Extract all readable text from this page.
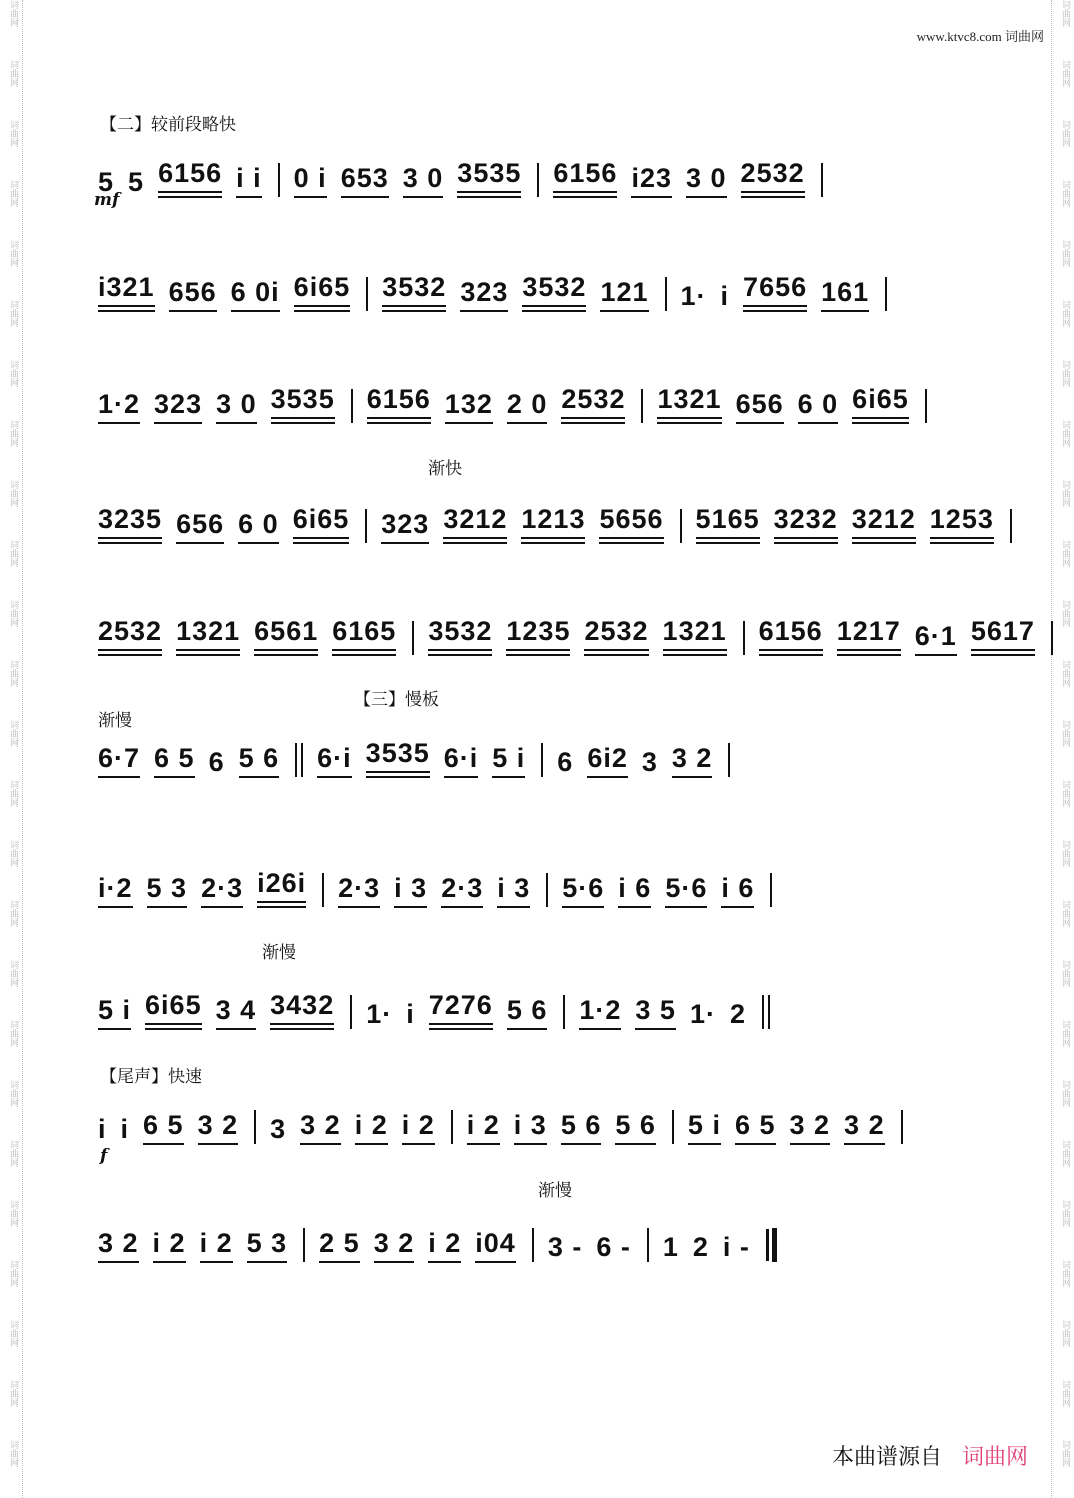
词曲网
词曲网
词曲网
词曲网
词曲网
词曲网
词曲网
词曲网
词曲网
词曲网
词曲网
词曲网
词曲网
词曲网
词曲网
词曲网
词曲网
词曲网
词曲网
词曲网
词曲网
词曲网
词曲网
词曲网
词曲网
词曲网
词曲网
词曲网
词曲网
词曲网
词曲网
词曲网
词曲网
词曲网
词曲网
词曲网
词曲网
词曲网
词曲网
词曲网
词曲网
词曲网
词曲网
词曲网
词曲网
词曲网
词曲网
词曲网
词曲网
词曲网
www.ktvc8.com 词曲网
【二】较前段略快
mf
渐快
渐慢
【三】慢板
渐慢
【尾声】快速
f
渐慢
5 5 6156 i i 0 i 653 3 0 3535 6156 i23 3 0 2532
i321 656 6 0i 6i65 3532 323 3532 121 1· i 7656 161
1·2 323 3 0 3535 6156 132 2 0 2532 1321 656 6 0 6i65
3235 656 6 0 6i65 323 3212 1213 5656 5165 3232 3212 1253
2532 1321 6561 6165 3532 1235 2532 1321 6156 1217 6·1 5617
6·7 6 5 6 5 6 6·i 3535 6·i 5 i 6 6i2 3 3 2
i·2 5 3 2·3 i26i 2·3 i 3 2·3 i 3 5·6 i 6 5·6 i 6
5 i 6i65 3 4 3432 1· i 7276 5 6 1·2 3 5 1· 2
i i 6 5 3 2 3 3 2 i 2 i 2 i 2 i 3 5 6 5 6 5 i 6 5 3 2 3 2
3 2 i 2 i 2 5 3 2 5 3 2 i 2 i04 3 - 6 - 1 2 i -
本曲谱源自 词曲网
